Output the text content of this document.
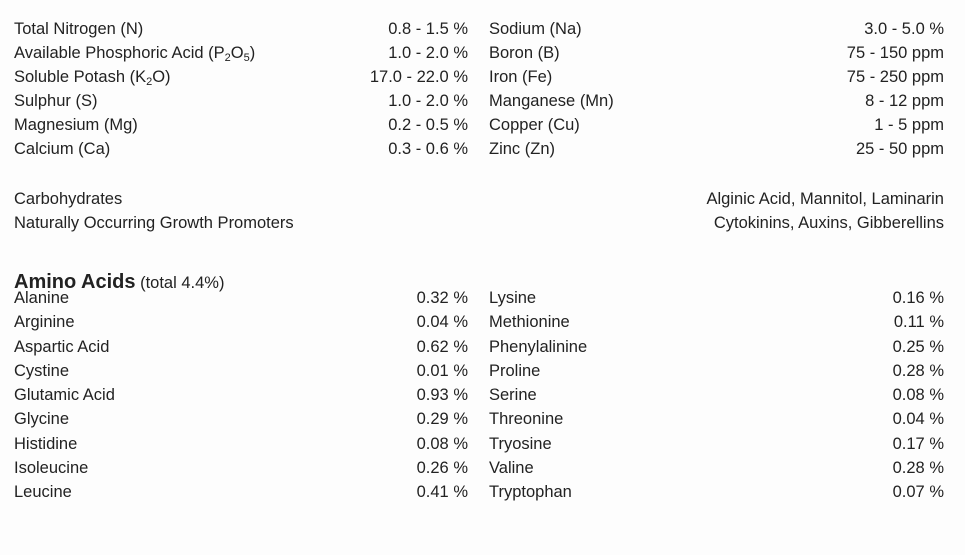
Total Nitrogen (N)	0.8 - 1.5 % Sodium (Na)	3.0 - 5.0 %
Available Phosphoric Acid $(P_2O_5)$	1.0 - 2.0 % Boron (B)	75 - 150 ppm
Soluble Potash $(K_2O)$	17.0 - 22.0 % Iron (Fe)	75 - 250 ppm
Sulphur (S)	1.0 - 2.0 % Manganese (Mn)	8 - 12 ppm
Magnesium (Mg)	0.2 - 0.5 % Copper (Cu)	1 - 5 ppm
Calcium (Ca)	0.3 - 0.6 % Zinc (Zn)	25 - 50 ppm
Carbohydrates	Alginic Acid, Mannitol, Laminarin
Naturally Occurring Growth Promoters	Cytokinins, Auxins, Gibberellins
Amino Acids (total 4.4%)
Alanine	0.32 % Lysine	0.16 %
Arginine	0.04 % Methionine	0.11 %
Aspartic Acid	0.62 % Phenylalinine	0.25 %
Cystine	0.01 % Proline	0.28 %
Glutamic Acid	0.93 % Serine	0.08 %
Glycine	0.29 % Threonine	0.04 %
Histidine	0.08 % Tryosine	0.17 %
Isoleucine	0.26 % Valine	0.28 %
Leucine	0.41 % Tryptophan	0.07 %
